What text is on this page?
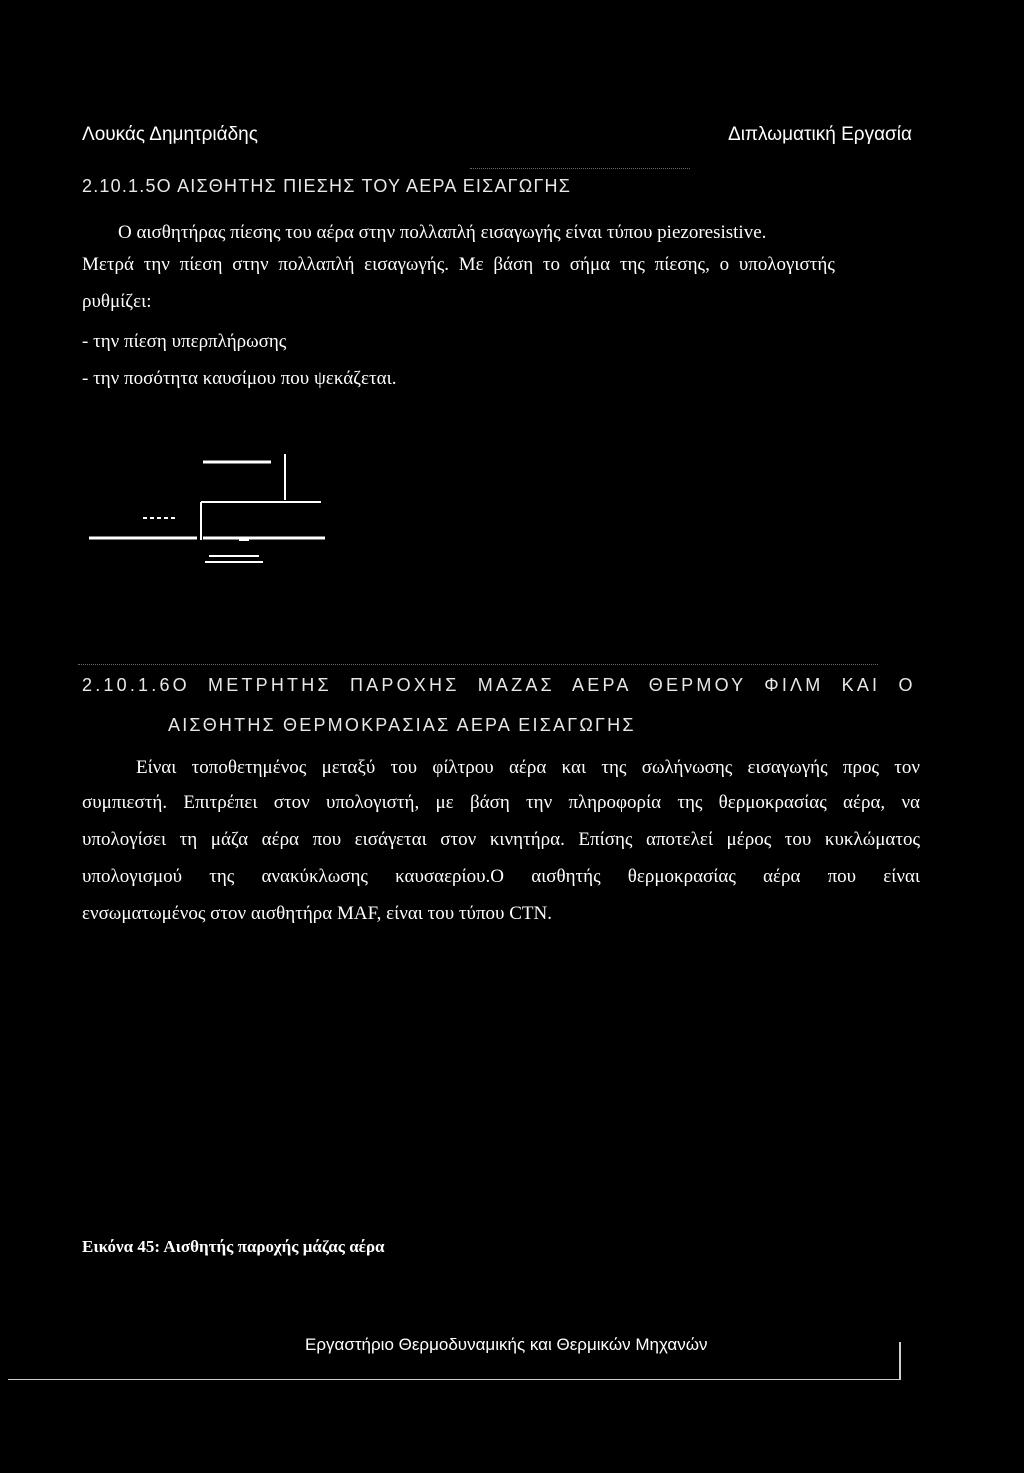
Λουκάς Δημητριάδης	Διπλωματική Εργασία
2.10.1.5Ο ΑΙΣΘΗΤΗΣ ΠΙΕΣΗΣ ΤΟΥ ΑΕΡΑ ΕΙΣΑΓΩΓΗΣ
Ο αισθητήρας πίεσης του αέρα στην πολλαπλή εισαγωγής είναι τύπου piezoresistive.
Μετρά την πίεση στην πολλαπλή εισαγωγής. Με βάση το σήμα της πίεσης, ο υπολογιστής
ρυθμίζει:
- την πίεση υπερπλήρωσης
- την ποσότητα καυσίμου που ψεκάζεται.
2.10.1.6Ο ΜΕΤΡΗΤΗΣ ΠΑΡΟΧΗΣ ΜΑΖΑΣ ΑΕΡΑ ΘΕΡΜΟΥ ΦΙΛΜ ΚΑΙ Ο
ΑΙΣΘΗΤΗΣ ΘΕΡΜΟΚΡΑΣΙΑΣ ΑΕΡΑ ΕΙΣΑΓΩΓΗΣ
Είναι τοποθετημένος μεταξύ του φίλτρου αέρα και της σωλήνωσης εισαγωγής προς τον
συμπιεστή. Επιτρέπει στον υπολογιστή, με βάση την πληροφορία της θερμοκρασίας αέρα, να
υπολογίσει τη μάζα αέρα που εισάγεται στον κινητήρα. Επίσης αποτελεί μέρος του κυκλώματος
υπολογισμού της ανακύκλωσης καυσαερίου.Ο αισθητής θερμοκρασίας αέρα που είναι
ενσωματωμένος στον αισθητήρα MAF, είναι του τύπου CTN.
Εικόνα 45: Αισθητής παροχής μάζας αέρα
Εργαστήριο Θερμοδυναμικής και Θερμικών Μηχανών
